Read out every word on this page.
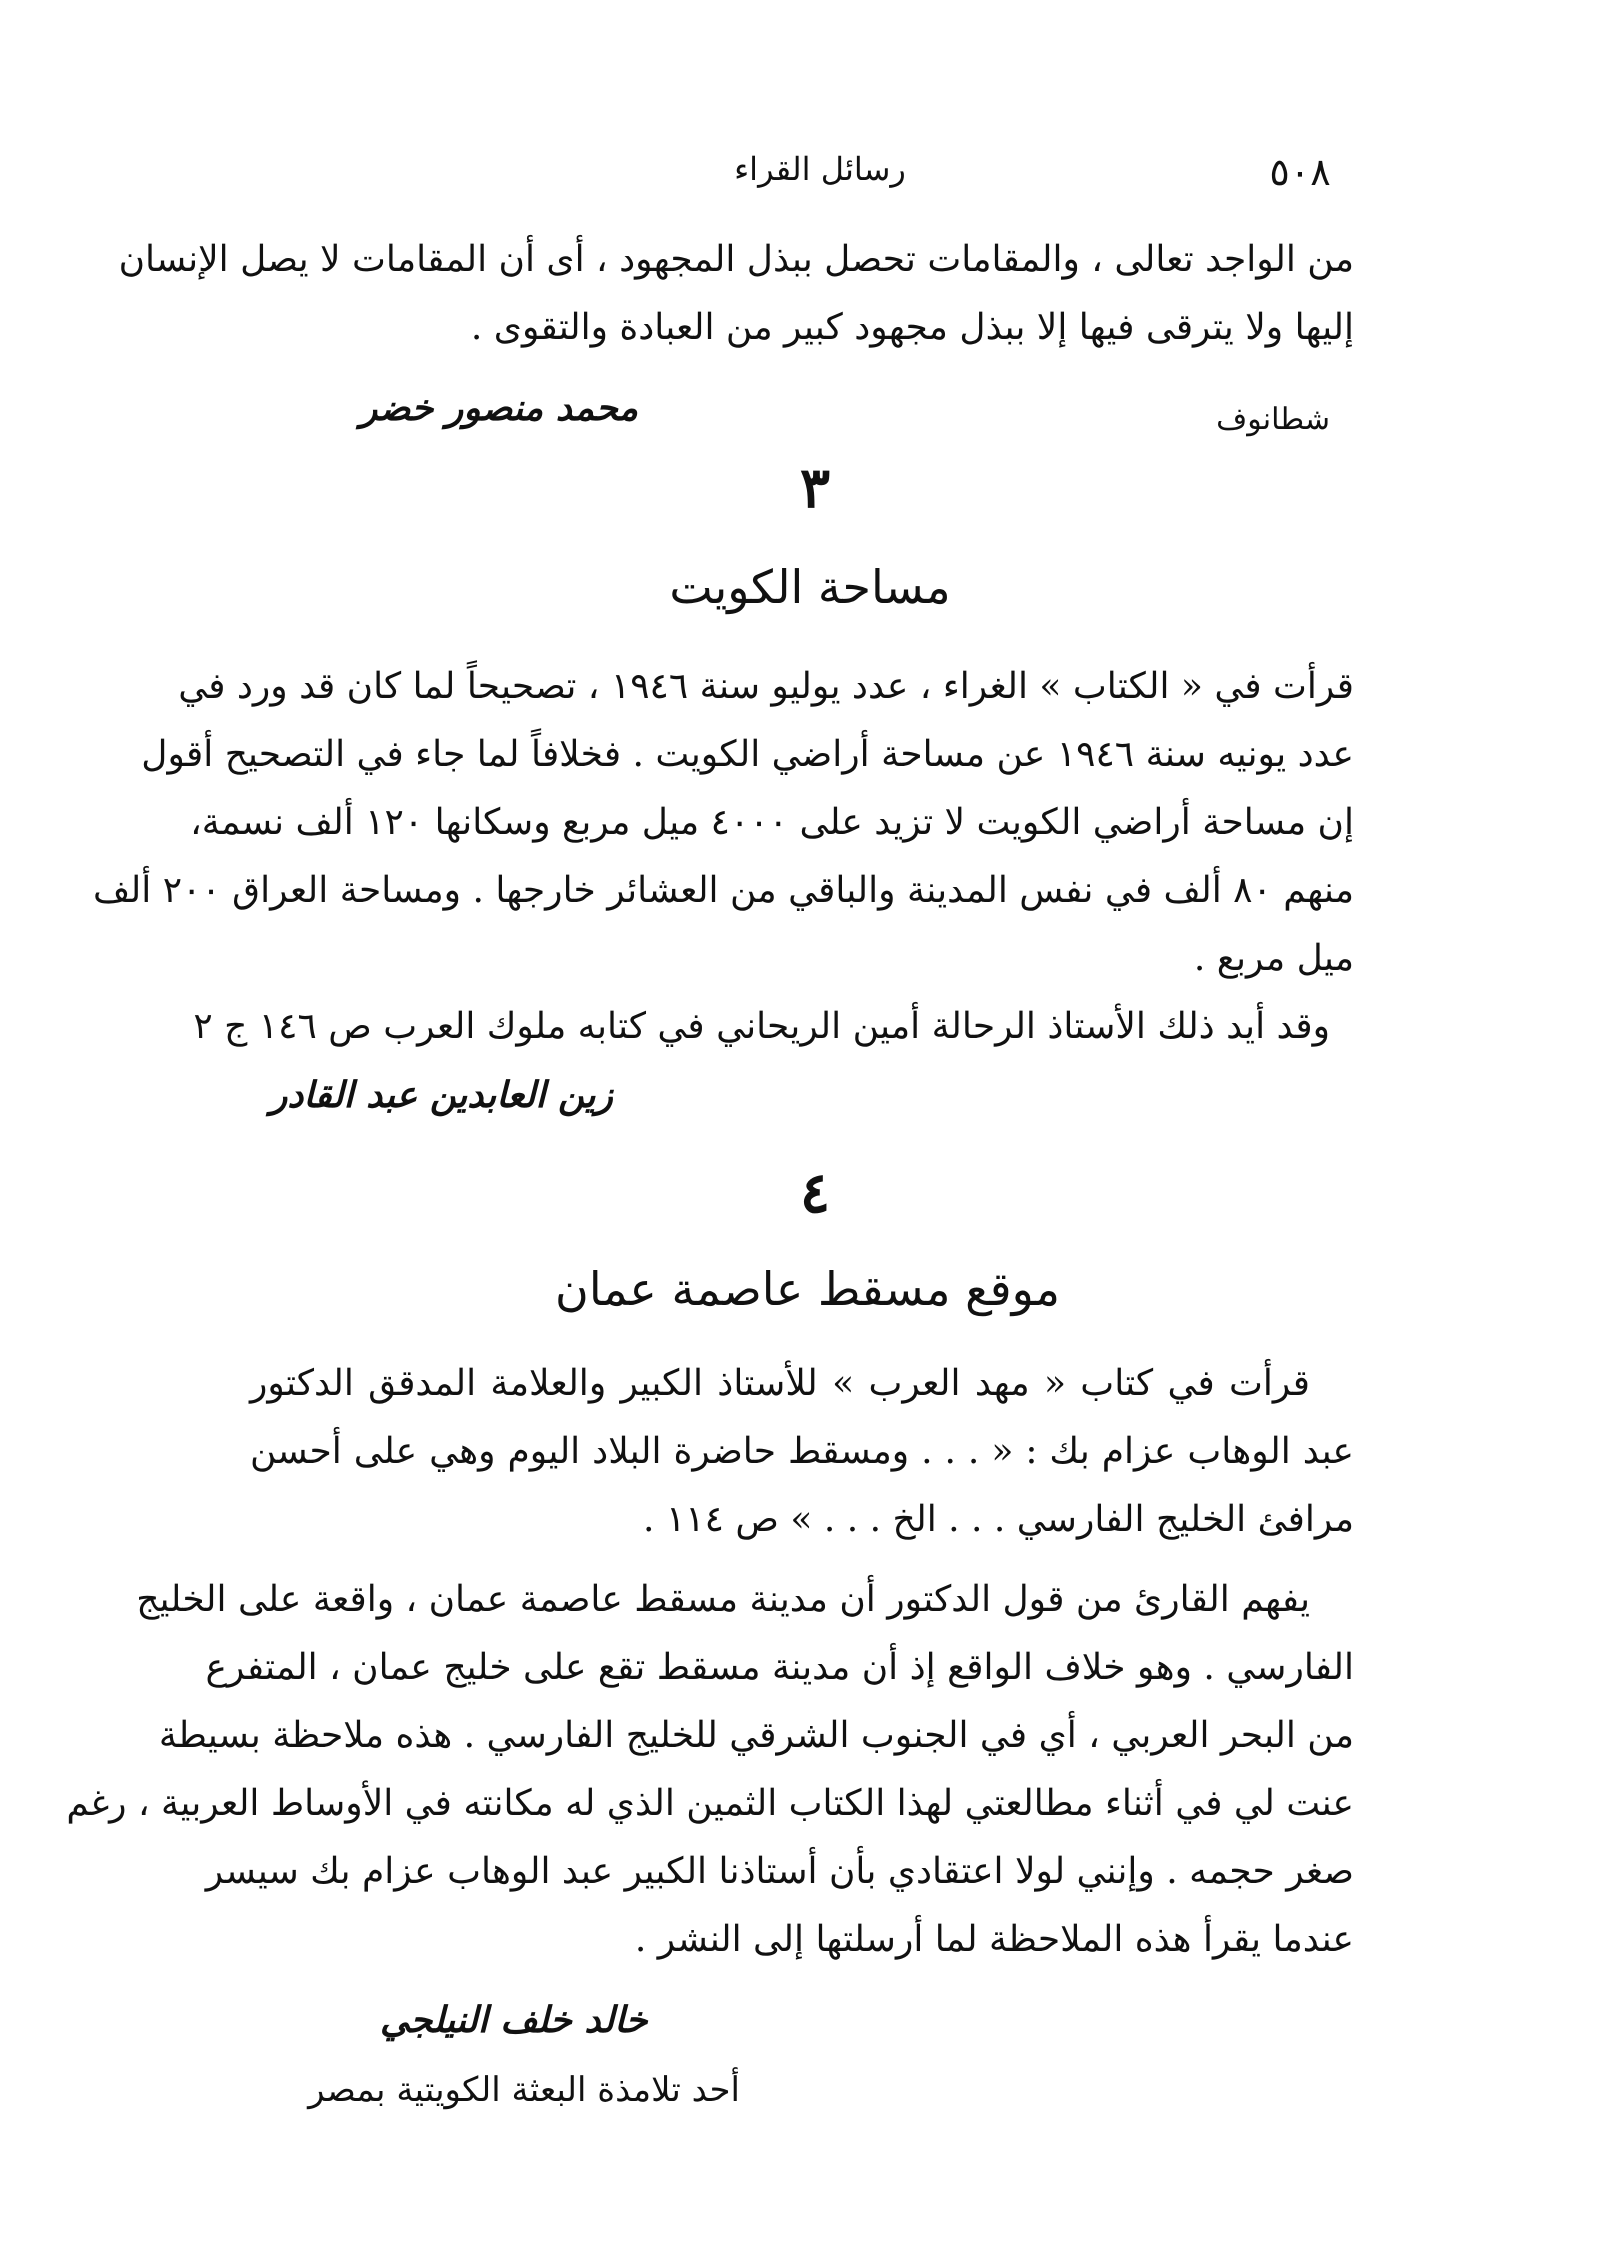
٥٠٨
رسائل القراء
من الواجد تعالى ، والمقامات تحصل ببذل المجهود ، أى أن المقامات لا يصل الإنسان
إليها ولا يترقى فيها إلا ببذل مجهود كبير من العبادة والتقوى .
محمد منصور خضر	شطانوف
٣
مساحة الكويت
قرأت في « الكتاب » الغراء ، عدد يوليو سنة ١٩٤٦ ، تصحيحاً لما كان قد ورد في
عدد يونيه سنة ١٩٤٦ عن مساحة أراضي الكويت . فخلافاً لما جاء في التصحيح أقول
إن مساحة أراضي الكويت لا تزيد على ٤٠٠٠ ميل مربع وسكانها ١٢٠ ألف نسمة،
منهم ٨٠ ألف في نفس المدينة والباقي من العشائر خارجها . ومساحة العراق ٢٠٠ ألف
ميل مربع .
وقد أيد ذلك الأستاذ الرحالة أمين الريحاني في كتابه ملوك العرب ص ١٤٦ ج ٢
زين العابدين عبد القادر
٤
موقع مسقط عاصمة عمان
قرأت في كتاب « مهد العرب » للأستاذ الكبير والعلامة المدقق الدكتور
عبد الوهاب عزام بك : « . . . ومسقط حاضرة البلاد اليوم وهي على أحسن
مرافئ الخليج الفارسي . . . الخ . . . » ص ١١٤ .
يفهم القارئ من قول الدكتور أن مدينة مسقط عاصمة عمان ، واقعة على الخليج
الفارسي . وهو خلاف الواقع إذ أن مدينة مسقط تقع على خليج عمان ، المتفرع
من البحر العربي ، أي في الجنوب الشرقي للخليج الفارسي . هذه ملاحظة بسيطة
عنت لي في أثناء مطالعتي لهذا الكتاب الثمين الذي له مكانته في الأوساط العربية ، رغم
صغر حجمه . وإنني لولا اعتقادي بأن أستاذنا الكبير عبد الوهاب عزام بك سيسر
عندما يقرأ هذه الملاحظة لما أرسلتها إلى النشر .
خالد خلف النيلجي
أحد تلامذة البعثة الكويتية بمصر
